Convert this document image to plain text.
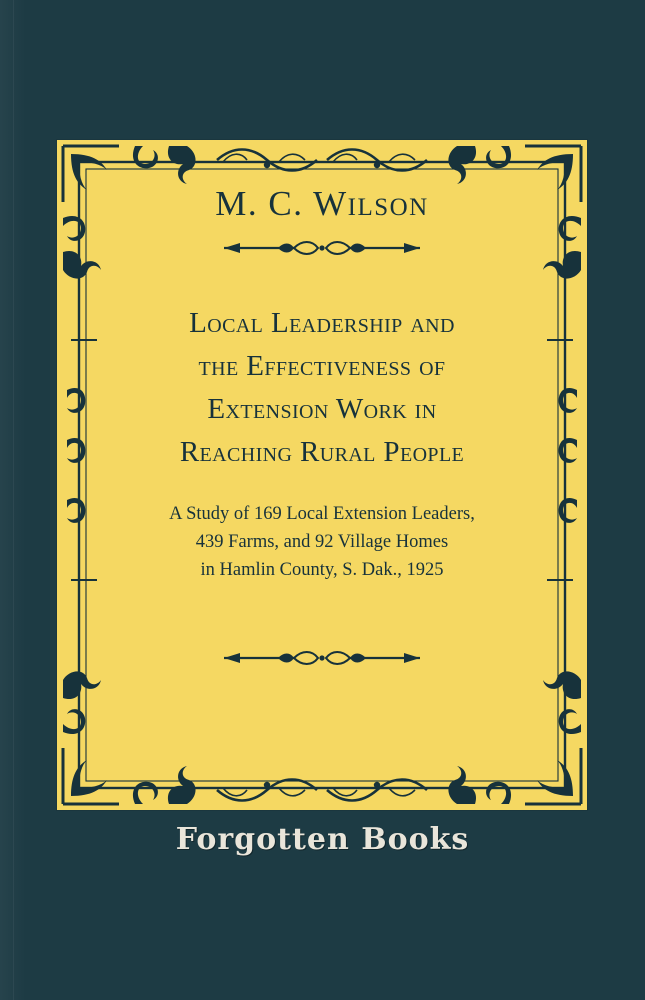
M. C. Wilson
Local Leadership and
the Effectiveness of
Extension Work in
Reaching Rural People
A Study of 169 Local Extension Leaders,
439 Farms, and 92 Village Homes
in Hamlin County, S. Dak., 1925
Forgotten Books
